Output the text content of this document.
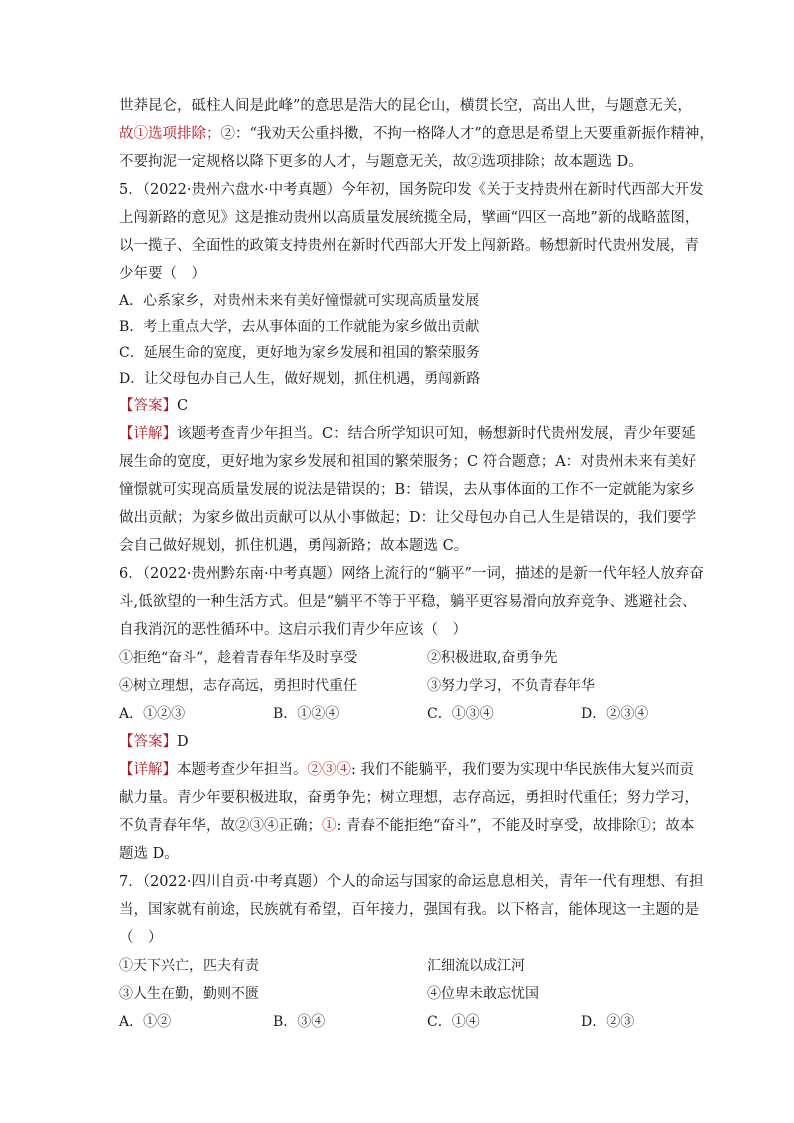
世莽昆仑，砥柱人间是此峰”的意思是浩大的昆仑山，横贯长空，高出人世，与题意无关，
故①选项排除；②：“我劝天公重抖擞，不拘一格降人才”的意思是希望上天要重新振作精神，
不要拘泥一定规格以降下更多的人才，与题意无关，故②选项排除；故本题选 D。
5．（2022·贵州六盘水·中考真题）今年初，国务院印发《关于支持贵州在新时代西部大开发
上闯新路的意见》这是推动贵州以高质量发展统揽全局，擘画“四区一高地”新的战略蓝图，
以一揽子、全面性的政策支持贵州在新时代西部大开发上闯新路。畅想新时代贵州发展，青
少年要（　）
A．心系家乡，对贵州未来有美好憧憬就可实现高质量发展
B．考上重点大学，去从事体面的工作就能为家乡做出贡献
C．延展生命的宽度，更好地为家乡发展和祖国的繁荣服务
D．让父母包办自己人生，做好规划，抓住机遇，勇闯新路
【答案】C
【详解】该题考查青少年担当。C：结合所学知识可知，畅想新时代贵州发展，青少年要延
展生命的宽度，更好地为家乡发展和祖国的繁荣服务；C 符合题意；A：对贵州未来有美好
憧憬就可实现高质量发展的说法是错误的；B：错误，去从事体面的工作不一定就能为家乡
做出贡献；为家乡做出贡献可以从小事做起；D：让父母包办自己人生是错误的，我们要学
会自己做好规划，抓住机遇，勇闯新路；故本题选 C。
6．（2022·贵州黔东南·中考真题）网络上流行的“躺平”一词，描述的是新一代年轻人放弃奋
斗,低欲望的一种生活方式。但是“躺平不等于平稳，躺平更容易滑向放弃竞争、逃避社会、
自我消沉的恶性循环中。这启示我们青少年应该（　）
①拒绝“奋斗”，趁着青春年华及时享受	②积极进取,奋勇争先
④树立理想，志存高远，勇担时代重任	③努力学习，不负青春年华
A．①②③	B．①②④	C．①③④	D．②③④
【答案】D
【详解】本题考查少年担当。②③④: 我们不能躺平，我们要为实现中华民族伟大复兴而贡
献力量。青少年要积极进取，奋勇争先；树立理想，志存高远，勇担时代重任；努力学习，
不负青春年华，故②③④正确；①: 青春不能拒绝“奋斗”，不能及时享受，故排除①；故本
题选 D。
7．（2022·四川自贡·中考真题）个人的命运与国家的命运息息相关，青年一代有理想、有担
当，国家就有前途，民族就有希望，百年接力，强国有我。以下格言，能体现这一主题的是
（　）
①天下兴亡，匹夫有责	汇细流以成江河
③人生在勤，勤则不匮	④位卑未敢忘忧国
A．①②	B．③④	C．①④	D．②③
